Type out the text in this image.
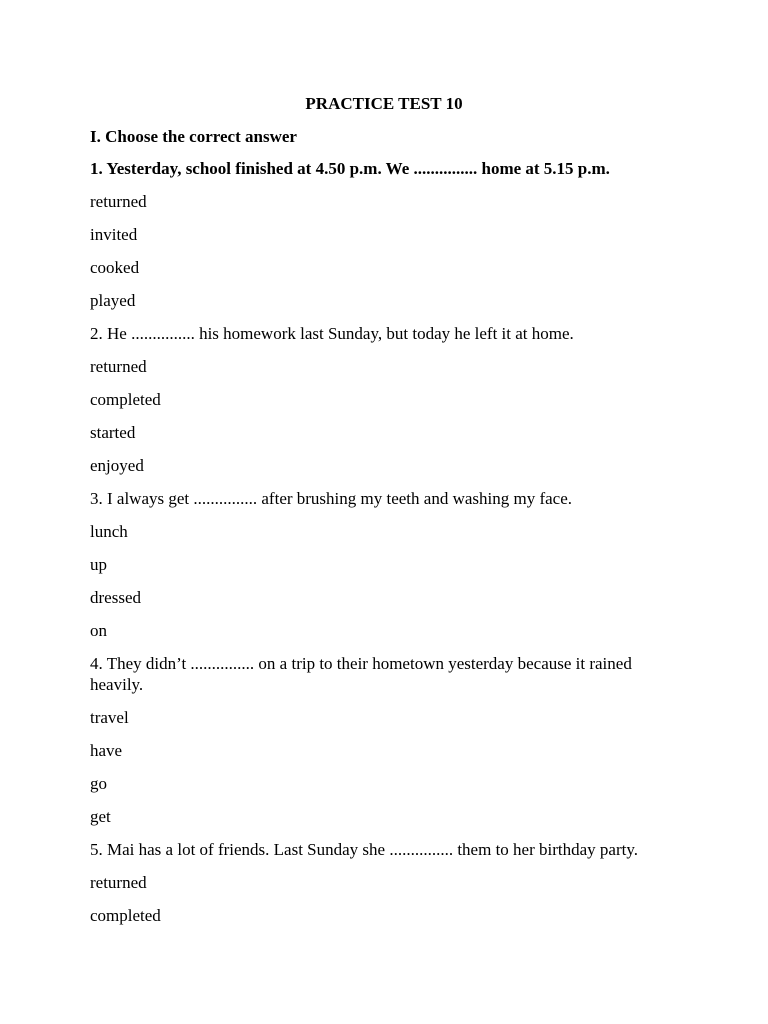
PRACTICE TEST 10
I. Choose the correct answer
1. Yesterday, school finished at 4.50 p.m. We ............... home at 5.15 p.m.
returned
invited
cooked
played
2. He ............... his homework last Sunday, but today he left it at home.
returned
completed
started
enjoyed
3. I always get ............... after brushing my teeth and washing my face.
lunch
up
dressed
on
4. They didn’t ............... on a trip to their hometown yesterday because it rained heavily.
travel
have
go
get
5. Mai has a lot of friends. Last Sunday she ............... them to her birthday party.
returned
completed
